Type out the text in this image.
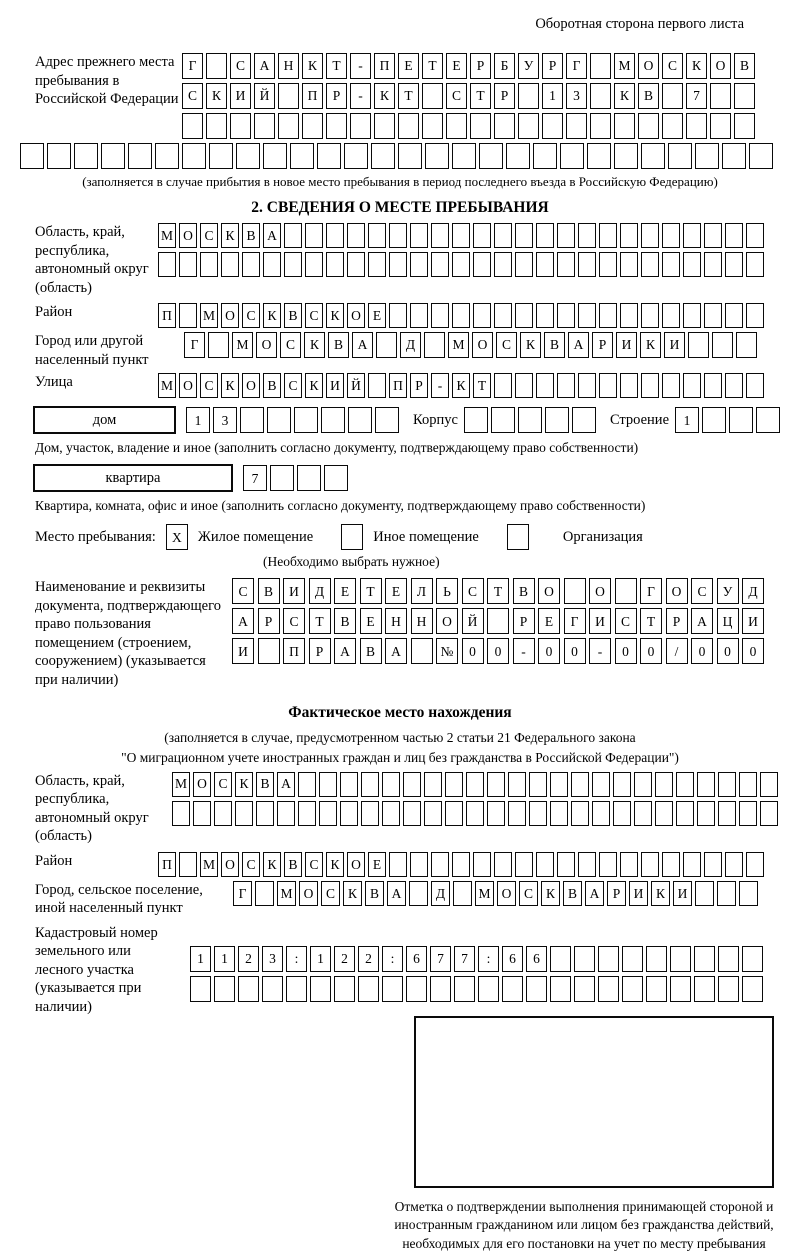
Оборотная сторона первого листа
Адрес прежнего места пребывания в Российской Федерации
Г	С	А	Н	К	Т	-	П	Е	Т	Е	Р	Б	У	Р	Г	М О	С	К	О	В
С	К	И	Й	П	Р	-	К	Т	С	Т	Р	1	3	К	В	7
(заполняется в случае прибытия в новое место пребывания в период последнего въезда в Российскую Федерацию)
2. СВЕДЕНИЯ О МЕСТЕ ПРЕБЫВАНИЯ
Область, край, республика, автономный округ (область)
М О С К В А
Район	П	М О С К В С К О Е
Город или другой населенный пункт
Г	М О	С	К	В	А	Д	М О	С	К	В	А	Р	И	К	И
Улица	М О С К О В С К И Й	П Р	-	К Т
дом	1	3	Корпус	Строение	1
Дом, участок, владение и иное (заполнить согласно документу, подтверждающему право собственности)
квартира	7
Квартира, комната, офис и иное (заполнить согласно документу, подтверждающему право собственности)
Место пребывания:	X	Жилое помещение	Иное помещение	Организация
(Необходимо выбрать нужное)
Наименование и реквизиты документа, подтверждающего право пользования помещением (строением, сооружением) (указывается при наличии)
С	В	И	Д	Е	Т	Е	Л	Ь	С	Т	В	О	О	Г	О	С	У	Д
А	Р	С	Т	В	Е	Н	Н	О	Й	Р	Е	Г	И	С	Т	Р	А	Ц	И
И	П	Р	А	В	А	№	0	0	-	0	0	-	0	0	/	0	0	0
Фактическое место нахождения
(заполняется в случае, предусмотренном частью 2 статьи 21 Федерального закона
"О миграционном учете иностранных граждан и лиц без гражданства в Российской Федерации")
Область, край, республика, автономный округ (область)
М О С К В А
Район	П	М О С К В С К О Е
Город, сельское поселение, иной населенный пункт
Г	М О С К В А	Д	М О С К В А Р И К И
Кадастровый номер земельного или лесного участка (указывается при наличии)
1	1	2	3	:	1	2	2	:	6	7	7	:	6	6
Отметка о подтверждении выполнения принимающей стороной и иностранным гражданином или лицом без гражданства действий, необходимых для его постановки на учет по месту пребывания
